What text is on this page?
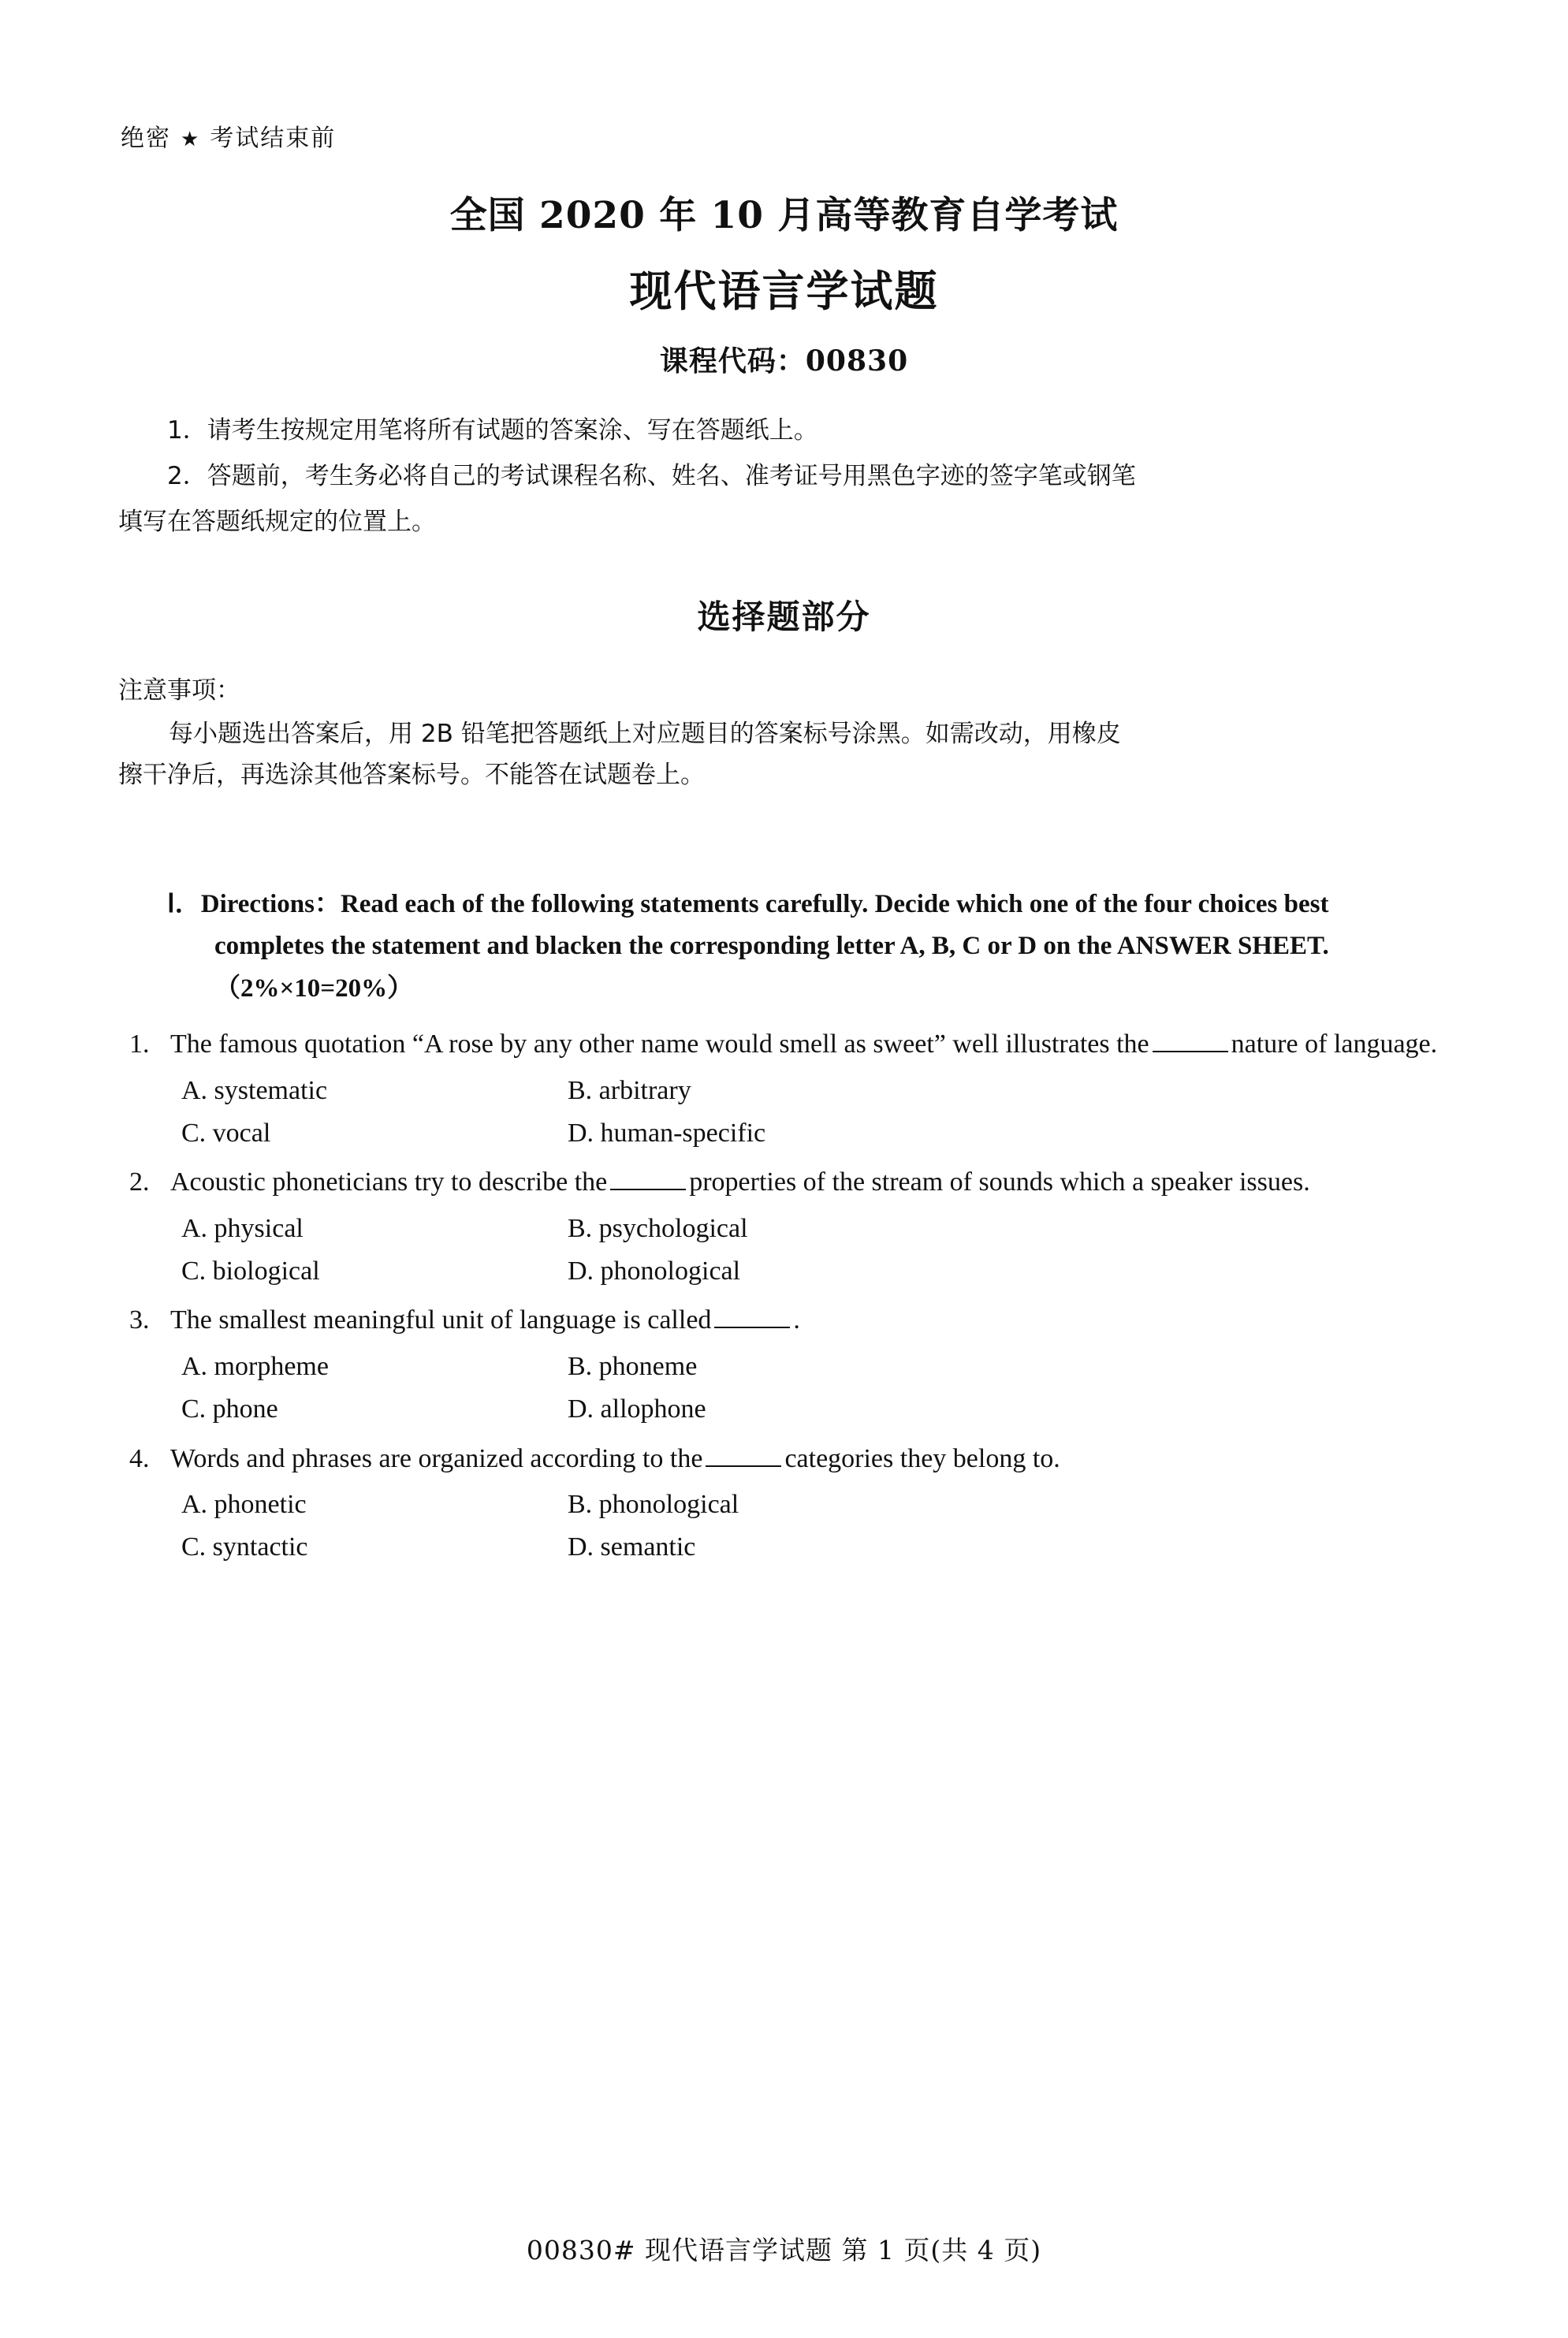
绝密 ★ 考试结束前
全国 2020 年 10 月高等教育自学考试
现代语言学试题
课程代码：00830

1．请考生按规定用笔将所有试题的答案涂、写在答题纸上。

2．答题前，考生务必将自己的考试课程名称、姓名、准考证号用黑色字迹的签字笔或钢笔

填写在答题纸规定的位置上。

选择题部分
注意事项：

每小题选出答案后，用 2B 铅笔把答题纸上对应题目的答案标号涂黑。如需改动，用橡皮

擦干净后，再选涂其他答案标号。不能答在试题卷上。

Ⅰ．Directions：Read each of the following statements carefully. Decide which one of the four choices best completes the statement and blacken the corresponding letter A, B, C or D on the ANSWER SHEET.（2%×10=20%）
1. The famous quotation “A rose by any other name would smell as sweet” well illustrates the	nature of language.
A. systematic	B. arbitrary
C. vocal	D. human-specific
2. Acoustic phoneticians try to describe the	properties of the stream of sounds which a speaker issues.
A. physical	B. psychological
C. biological	D. phonological
3. The smallest meaningful unit of language is called	.
A. morpheme	B. phoneme
C. phone	D. allophone
4. Words and phrases are organized according to the	categories they belong to.
A. phonetic	B. phonological
C. syntactic	D. semantic
00830# 现代语言学试题 第 1 页(共 4 页)
